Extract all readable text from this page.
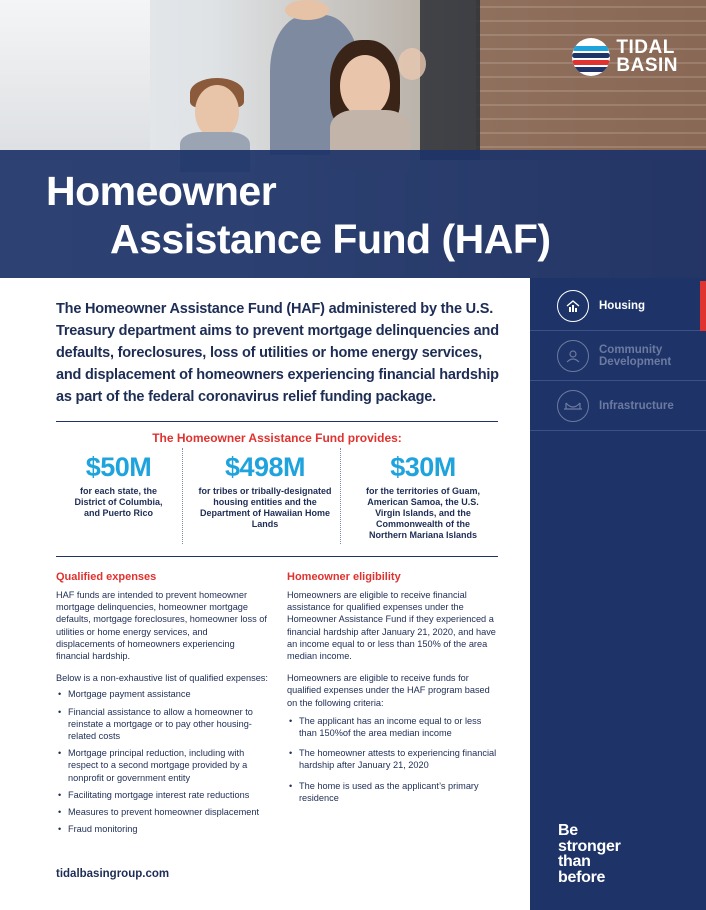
TIDAL
BASIN
Homeowner
Assistance Fund (HAF)
Housing
Community Development
Infrastructure
Be
stronger
than
before
The Homeowner Assistance Fund (HAF) administered by the U.S. Treasury department aims to prevent mortgage delinquencies and defaults, foreclosures, loss of utilities or home energy services, and displacement of homeowners experiencing financial hardship as part of the federal coronavirus relief funding package.
The Homeowner Assistance Fund provides:
$50M
for each state, the District of Columbia, and Puerto Rico
$498M
for tribes or tribally-designated housing entities and the Department of Hawaiian Home Lands
$30M
for the territories of Guam, American Samoa, the U.S. Virgin Islands, and the Commonwealth of the Northern Mariana Islands
Qualified expenses

HAF funds are intended to prevent homeowner mortgage delinquencies, homeowner mortgage defaults, mortgage foreclosures, homeowner loss of utilities or home energy services, and displacements of homeowners experiencing financial hardship.

Below is a non-exhaustive list of qualified expenses:

• Mortgage payment assistance
• Financial assistance to allow a homeowner to reinstate a mortgage or to pay other housing-related costs
• Mortgage principal reduction, including with respect to a second mortgage provided by a nonprofit or government entity
• Facilitating mortgage interest rate reductions
• Measures to prevent homeowner displacement
• Fraud monitoring
Homeowner eligibility

Homeowners are eligible to receive financial assistance for qualified expenses under the Homeowner Assistance Fund if they experienced a financial hardship after January 21, 2020, and have an income equal to or less than 150% of the area median income.

Homeowners are eligible to receive funds for qualified expenses under the HAF program based on the following criteria:

• The applicant has an income equal to or less than 150%of the area median income
• The homeowner attests to experiencing financial hardship after January 21, 2020
• The home is used as the applicant’s primary residence
tidalbasingroup.com
